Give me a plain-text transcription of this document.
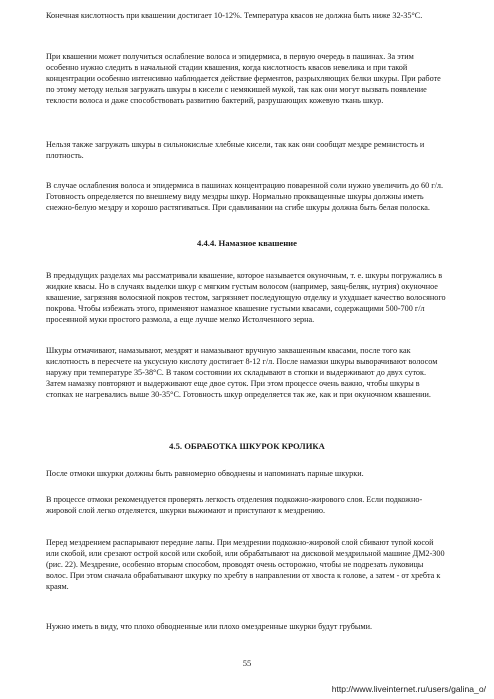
Конечная кислотность при квашении достигает 10-12%. Температура квасов не должна быть ниже 32-35°С.

При квашении может получиться ослабление волоса и эпидермиса, в первую очередь в пашинах. За этим особенно нужно следить в начальной стадии квашения, когда кислотность квасов невелика и при такой концентрации особенно интенсивно наблюдается действие ферментов, разрыхляющих белки шкуры. При работе по этому методу нельзя загружать шкуры в кисели с немякишей мукой, так как они могут вызвать появление теклости волоса и даже способствовать развитию бактерий, разрушающих кожевую ткань шкур.

Нельзя также загружать шкуры в сильнокислые хлебные кисели, так как они сообщат мездре ремнистость и плотность.

В случае ослабления волоса и эпидермиса в пашинах концентрацию поваренной соли нужно увеличить до 60 г/л. Готовность определяется по внешнему виду мездры шкур. Нормально прокващенные шкуры должны иметь снежно-белую мездру и хорошо растягиваться. При сдавливании на сгибе шкуры должна быть белая полоска.

4.4.4. Намазное квашение

В предыдущих разделах мы рассматривали квашение, которое называется окуночным, т. е. шкуры погружались в жидкие квасы. Но в случаях выделки шкур с мягким густым волосом (например, заяц-беляк, нутрия) окуночное квашение, загрязняя волосяной покров тестом, загрязняет последующую отделку и ухудшает качество волосяного покрова. Чтобы избежать этого, применяют намазное квашение густыми квасами, содержащими 500-700 г/л просеянной муки простого размола, а еще лучше мелко Истолченного зерна.

Шкуры отмачивают, намазывают, мездрят и намазывают вручную заквашенным квасами, после того как кислотность в пересчете на уксусную кислоту достигает 8-12 г/л. После намазки шкуры выворачивают волосом наружу при температуре 35-38°С. В таком состоянии их складывают в стопки и выдерживают до двух суток. Затем намазку повторяют и выдерживают еще двое суток. При этом процессе очень важно, чтобы шкуры в стопках не нагревались выше 30-35°С. Готовность шкур определяется так же, как и при окуночном квашении.

4.5. ОБРАБОТКА ШКУРОК КРОЛИКА

После отмоки шкурки должны быть равномерно обводнены и напоминать парные шкурки.

В процессе отмоки рекомендуется проверять легкость отделения подкожно-жирового слоя. Если подкожно-жировой слой легко отделяется, шкурки выжимают и приступают к мездрению.

Перед мездрением распарывают передние лапы. При мездрении подкожно-жировой слой сбивают тупой косой или скобой, или срезают острой косой или скобой, или обрабатывают на дисковой мездрильной машине ДМ2-300 (рис. 22). Мездрение, особенно вторым способом, проводят очень осторожно, чтобы не подрезать луковицы волос. При этом сначала обрабатывают шкурку по хребту в направлении от хвоста к голове, а затем - от хребта к краям.

Нужно иметь в виду, что плохо обводненные или плохо омездренные шкурки будут грубыми.

55
http://www.liveinternet.ru/users/galina_o/
